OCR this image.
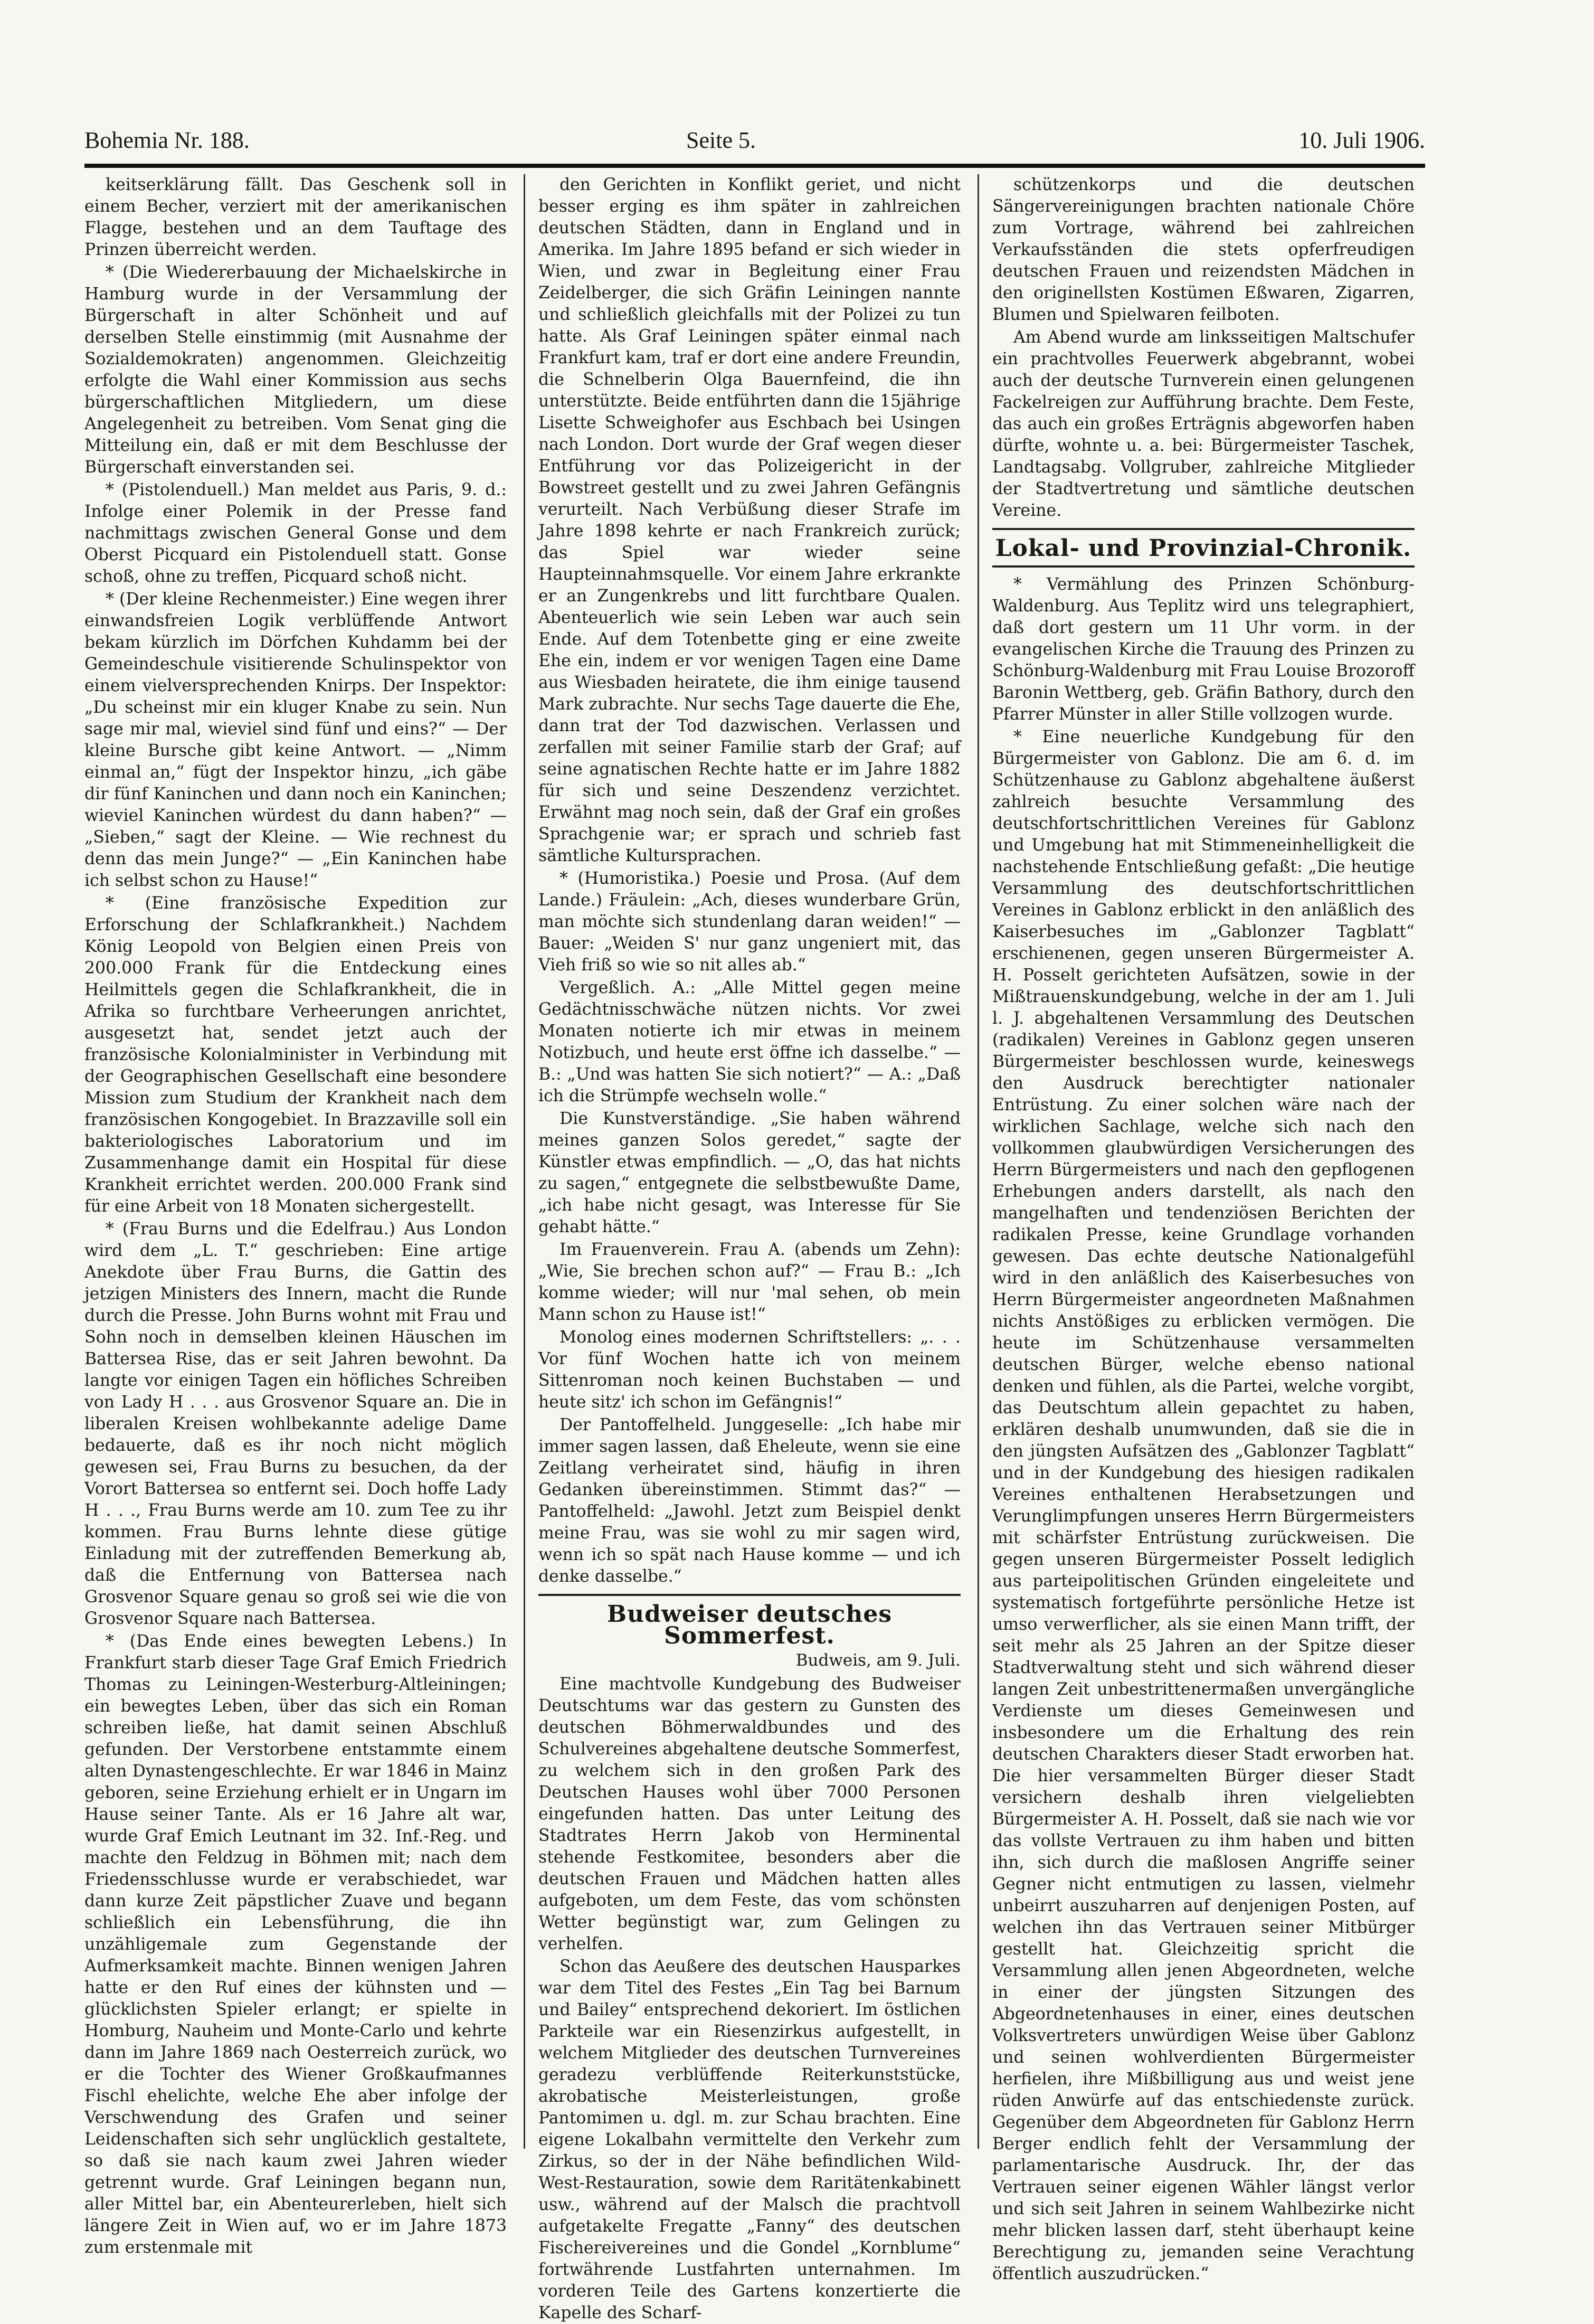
Bohemia Nr. 188.	Seite 5.	10. Juli 1906.

keitserklärung fällt. Das Geschenk soll in einem Becher, verziert mit der amerikanischen Flagge, bestehen und an dem Tauftage des Prinzen überreicht werden.

* (Die Wiedererbauung der Michaelskirche in Hamburg wurde in der Versammlung der Bürgerschaft in alter Schönheit und auf derselben Stelle einstimmig (mit Ausnahme der Sozialdemokraten) angenommen. Gleichzeitig erfolgte die Wahl einer Kommission aus sechs bürgerschaftlichen Mitgliedern, um diese Angelegenheit zu betreiben. Vom Senat ging die Mitteilung ein, daß er mit dem Beschlusse der Bürgerschaft einverstanden sei.

* (Pistolenduell.) Man meldet aus Paris, 9. d.: Infolge einer Polemik in der Presse fand nachmittags zwischen General Gonse und dem Oberst Picquard ein Pistolenduell statt. Gonse schoß, ohne zu treffen, Picquard schoß nicht.

* (Der kleine Rechenmeister.) Eine wegen ihrer einwandsfreien Logik verblüffende Antwort bekam kürzlich im Dörfchen Kuhdamm bei der Gemeindeschule visitierende Schulinspektor von einem vielversprechenden Knirps. Der Inspektor: „Du scheinst mir ein kluger Knabe zu sein. Nun sage mir mal, wieviel sind fünf und eins?“ — Der kleine Bursche gibt keine Antwort. — „Nimm einmal an,“ fügt der Inspektor hinzu, „ich gäbe dir fünf Kaninchen und dann noch ein Kaninchen; wieviel Kaninchen würdest du dann haben?“ — „Sieben,“ sagt der Kleine. — Wie rechnest du denn das mein Junge?“ — „Ein Kaninchen habe ich selbst schon zu Hause!“

* (Eine französische Expedition zur Erforschung der Schlafkrankheit.) Nachdem König Leopold von Belgien einen Preis von 200.000 Frank für die Entdeckung eines Heilmittels gegen die Schlafkrankheit, die in Afrika so furchtbare Verheerungen anrichtet, ausgesetzt hat, sendet jetzt auch der französische Kolonialminister in Verbindung mit der Geographischen Gesellschaft eine besondere Mission zum Studium der Krankheit nach dem französischen Kongogebiet. In Brazzaville soll ein bakteriologisches Laboratorium und im Zusammenhange damit ein Hospital für diese Krankheit errichtet werden. 200.000 Frank sind für eine Arbeit von 18 Monaten sichergestellt.

* (Frau Burns und die Edelfrau.) Aus London wird dem „L. T.“ geschrieben: Eine artige Anekdote über Frau Burns, die Gattin des jetzigen Ministers des Innern, macht die Runde durch die Presse. John Burns wohnt mit Frau und Sohn noch in demselben kleinen Häuschen im Battersea Rise, das er seit Jahren bewohnt. Da langte vor einigen Tagen ein höfliches Schreiben von Lady H . . . aus Grosvenor Square an. Die in liberalen Kreisen wohlbekannte adelige Dame bedauerte, daß es ihr noch nicht möglich gewesen sei, Frau Burns zu besuchen, da der Vorort Battersea so entfernt sei. Doch hoffe Lady H . . ., Frau Burns werde am 10. zum Tee zu ihr kommen. Frau Burns lehnte diese gütige Einladung mit der zutreffenden Bemerkung ab, daß die Entfernung von Battersea nach Grosvenor Square genau so groß sei wie die von Grosvenor Square nach Battersea.

* (Das Ende eines bewegten Lebens.) In Frankfurt starb dieser Tage Graf Emich Friedrich Thomas zu Leiningen-Westerburg-Altleiningen; ein bewegtes Leben, über das sich ein Roman schreiben ließe, hat damit seinen Abschluß gefunden. Der Verstorbene entstammte einem alten Dynastengeschlechte. Er war 1846 in Mainz geboren, seine Erziehung erhielt er in Ungarn im Hause seiner Tante. Als er 16 Jahre alt war, wurde Graf Emich Leutnant im 32. Inf.-Reg. und machte den Feldzug in Böhmen mit; nach dem Friedensschlusse wurde er verabschiedet, war dann kurze Zeit päpstlicher Zuave und begann schließlich ein Lebensführung, die ihn unzähligemale zum Gegenstande der Aufmerksamkeit machte. Binnen wenigen Jahren hatte er den Ruf eines der kühnsten und — glücklichsten Spieler erlangt; er spielte in Homburg, Nauheim und Monte-Carlo und kehrte dann im Jahre 1869 nach Oesterreich zurück, wo er die Tochter des Wiener Großkaufmannes Fischl ehelichte, welche Ehe aber infolge der Verschwendung des Grafen und seiner Leidenschaften sich sehr unglücklich gestaltete, so daß sie nach kaum zwei Jahren wieder getrennt wurde. Graf Leiningen begann nun, aller Mittel bar, ein Abenteurerleben, hielt sich längere Zeit in Wien auf, wo er im Jahre 1873 zum erstenmale mit

den Gerichten in Konflikt geriet, und nicht besser erging es ihm später in zahlreichen deutschen Städten, dann in England und in Amerika. Im Jahre 1895 befand er sich wieder in Wien, und zwar in Begleitung einer Frau Zeidelberger, die sich Gräfin Leiningen nannte und schließlich gleichfalls mit der Polizei zu tun hatte. Als Graf Leiningen später einmal nach Frankfurt kam, traf er dort eine andere Freundin, die Schnelberin Olga Bauernfeind, die ihn unterstützte. Beide entführten dann die 15jährige Lisette Schweighofer aus Eschbach bei Usingen nach London. Dort wurde der Graf wegen dieser Entführung vor das Polizeigericht in der Bowstreet gestellt und zu zwei Jahren Gefängnis verurteilt. Nach Verbüßung dieser Strafe im Jahre 1898 kehrte er nach Frankreich zurück; das Spiel war wieder seine Haupteinnahmsquelle. Vor einem Jahre erkrankte er an Zungenkrebs und litt furchtbare Qualen. Abenteuerlich wie sein Leben war auch sein Ende. Auf dem Totenbette ging er eine zweite Ehe ein, indem er vor wenigen Tagen eine Dame aus Wiesbaden heiratete, die ihm einige tausend Mark zubrachte. Nur sechs Tage dauerte die Ehe, dann trat der Tod dazwischen. Verlassen und zerfallen mit seiner Familie starb der Graf; auf seine agnatischen Rechte hatte er im Jahre 1882 für sich und seine Deszendenz verzichtet. Erwähnt mag noch sein, daß der Graf ein großes Sprachgenie war; er sprach und schrieb fast sämtliche Kultursprachen.

* (Humoristika.) Poesie und Prosa. (Auf dem Lande.) Fräulein: „Ach, dieses wunderbare Grün, man möchte sich stundenlang daran weiden!“ — Bauer: „Weiden S' nur ganz ungeniert mit, das Vieh friß so wie so nit alles ab.“

Vergeßlich. A.: „Alle Mittel gegen meine Gedächtnisschwäche nützen nichts. Vor zwei Monaten notierte ich mir etwas in meinem Notizbuch, und heute erst öffne ich dasselbe.“ — B.: „Und was hatten Sie sich notiert?“ — A.: „Daß ich die Strümpfe wechseln wolle.“

Die Kunstverständige. „Sie haben während meines ganzen Solos geredet,“ sagte der Künstler etwas empfindlich. — „O, das hat nichts zu sagen,“ entgegnete die selbstbewußte Dame, „ich habe nicht gesagt, was Interesse für Sie gehabt hätte.“

Im Frauenverein. Frau A. (abends um Zehn): „Wie, Sie brechen schon auf?“ — Frau B.: „Ich komme wieder; will nur 'mal sehen, ob mein Mann schon zu Hause ist!“

Monolog eines modernen Schriftstellers: „. . . Vor fünf Wochen hatte ich von meinem Sittenroman noch keinen Buchstaben — und heute sitz' ich schon im Gefängnis!“

Der Pantoffelheld. Junggeselle: „Ich habe mir immer sagen lassen, daß Eheleute, wenn sie eine Zeitlang verheiratet sind, häufig in ihren Gedanken übereinstimmen. Stimmt das?“ — Pantoffelheld: „Jawohl. Jetzt zum Beispiel denkt meine Frau, was sie wohl zu mir sagen wird, wenn ich so spät nach Hause komme — und ich denke dasselbe.“

Budweiser deutsches Sommerfest.
Budweis, am 9. Juli.

Eine machtvolle Kundgebung des Budweiser Deutschtums war das gestern zu Gunsten des deutschen Böhmerwaldbundes und des Schulvereines abgehaltene deutsche Sommerfest, zu welchem sich in den großen Park des Deutschen Hauses wohl über 7000 Personen eingefunden hatten. Das unter Leitung des Stadtrates Herrn Jakob von Herminental stehende Festkomitee, besonders aber die deutschen Frauen und Mädchen hatten alles aufgeboten, um dem Feste, das vom schönsten Wetter begünstigt war, zum Gelingen zu verhelfen.

Schon das Aeußere des deutschen Hausparkes war dem Titel des Festes „Ein Tag bei Barnum und Bailey“ entsprechend dekoriert. Im östlichen Parkteile war ein Riesenzirkus aufgestellt, in welchem Mitglieder des deutschen Turnvereines geradezu verblüffende Reiterkunststücke, akrobatische Meisterleistungen, große Pantomimen u. dgl. m. zur Schau brachten. Eine eigene Lokalbahn vermittelte den Verkehr zum Zirkus, so der in der Nähe befindlichen Wild-West-Restauration, sowie dem Raritätenkabinett usw., während auf der Malsch die prachtvoll aufgetakelte Fregatte „Fanny“ des deutschen Fischereivereines und die Gondel „Kornblume“ fortwährende Lustfahrten unternahmen. Im vorderen Teile des Gartens konzertierte die Kapelle des Scharf-

schützenkorps und die deutschen Sängervereinigungen brachten nationale Chöre zum Vortrage, während bei zahlreichen Verkaufsständen die stets opferfreudigen deutschen Frauen und reizendsten Mädchen in den originellsten Kostümen Eßwaren, Zigarren, Blumen und Spielwaren feilboten.

Am Abend wurde am linksseitigen Maltschufer ein prachtvolles Feuerwerk abgebrannt, wobei auch der deutsche Turnverein einen gelungenen Fackelreigen zur Aufführung brachte. Dem Feste, das auch ein großes Erträgnis abgeworfen haben dürfte, wohnte u. a. bei: Bürgermeister Taschek, Landtagsabg. Vollgruber, zahlreiche Mitglieder der Stadtvertretung und sämtliche deutschen Vereine.

Lokal- und Provinzial-Chronik.

* Vermählung des Prinzen Schönburg-Waldenburg. Aus Teplitz wird uns telegraphiert, daß dort gestern um 11 Uhr vorm. in der evangelischen Kirche die Trauung des Prinzen zu Schönburg-Waldenburg mit Frau Louise Brozoroff Baronin Wettberg, geb. Gräfin Bathory, durch den Pfarrer Münster in aller Stille vollzogen wurde.

* Eine neuerliche Kundgebung für den Bürgermeister von Gablonz. Die am 6. d. im Schützenhause zu Gablonz abgehaltene äußerst zahlreich besuchte Versammlung des deutschfortschrittlichen Vereines für Gablonz und Umgebung hat mit Stimmeneinhelligkeit die nachstehende Entschließung gefaßt: „Die heutige Versammlung des deutschfortschrittlichen Vereines in Gablonz erblickt in den anläßlich des Kaiserbesuches im „Gablonzer Tagblatt“ erschienenen, gegen unseren Bürgermeister A. H. Posselt gerichteten Aufsätzen, sowie in der Mißtrauenskundgebung, welche in der am 1. Juli l. J. abgehaltenen Versammlung des Deutschen (radikalen) Vereines in Gablonz gegen unseren Bürgermeister beschlossen wurde, keineswegs den Ausdruck berechtigter nationaler Entrüstung. Zu einer solchen wäre nach der wirklichen Sachlage, welche sich nach den vollkommen glaubwürdigen Versicherungen des Herrn Bürgermeisters und nach den gepflogenen Erhebungen anders darstellt, als nach den mangelhaften und tendenziösen Berichten der radikalen Presse, keine Grundlage vorhanden gewesen. Das echte deutsche Nationalgefühl wird in den anläßlich des Kaiserbesuches von Herrn Bürgermeister angeordneten Maßnahmen nichts Anstößiges zu erblicken vermögen. Die heute im Schützenhause versammelten deutschen Bürger, welche ebenso national denken und fühlen, als die Partei, welche vorgibt, das Deutschtum allein gepachtet zu haben, erklären deshalb unumwunden, daß sie die in den jüngsten Aufsätzen des „Gablonzer Tagblatt“ und in der Kundgebung des hiesigen radikalen Vereines enthaltenen Herabsetzungen und Verunglimpfungen unseres Herrn Bürgermeisters mit schärfster Entrüstung zurückweisen. Die gegen unseren Bürgermeister Posselt lediglich aus parteipolitischen Gründen eingeleitete und systematisch fortgeführte persönliche Hetze ist umso verwerflicher, als sie einen Mann trifft, der seit mehr als 25 Jahren an der Spitze dieser Stadtverwaltung steht und sich während dieser langen Zeit unbestrittenermaßen unvergängliche Verdienste um dieses Gemeinwesen und insbesondere um die Erhaltung des rein deutschen Charakters dieser Stadt erworben hat. Die hier versammelten Bürger dieser Stadt versichern deshalb ihren vielgeliebten Bürgermeister A. H. Posselt, daß sie nach wie vor das vollste Vertrauen zu ihm haben und bitten ihn, sich durch die maßlosen Angriffe seiner Gegner nicht entmutigen zu lassen, vielmehr unbeirrt auszuharren auf denjenigen Posten, auf welchen ihn das Vertrauen seiner Mitbürger gestellt hat. Gleichzeitig spricht die Versammlung allen jenen Abgeordneten, welche in einer der jüngsten Sitzungen des Abgeordnetenhauses in einer, eines deutschen Volksvertreters unwürdigen Weise über Gablonz und seinen wohlverdienten Bürgermeister herfielen, ihre Mißbilligung aus und weist jene rüden Anwürfe auf das entschiedenste zurück. Gegenüber dem Abgeordneten für Gablonz Herrn Berger endlich fehlt der Versammlung der parlamentarische Ausdruck. Ihr, der das Vertrauen seiner eigenen Wähler längst verlor und sich seit Jahren in seinem Wahlbezirke nicht mehr blicken lassen darf, steht überhaupt keine Berechtigung zu, jemanden seine Verachtung öffentlich auszudrücken.“
